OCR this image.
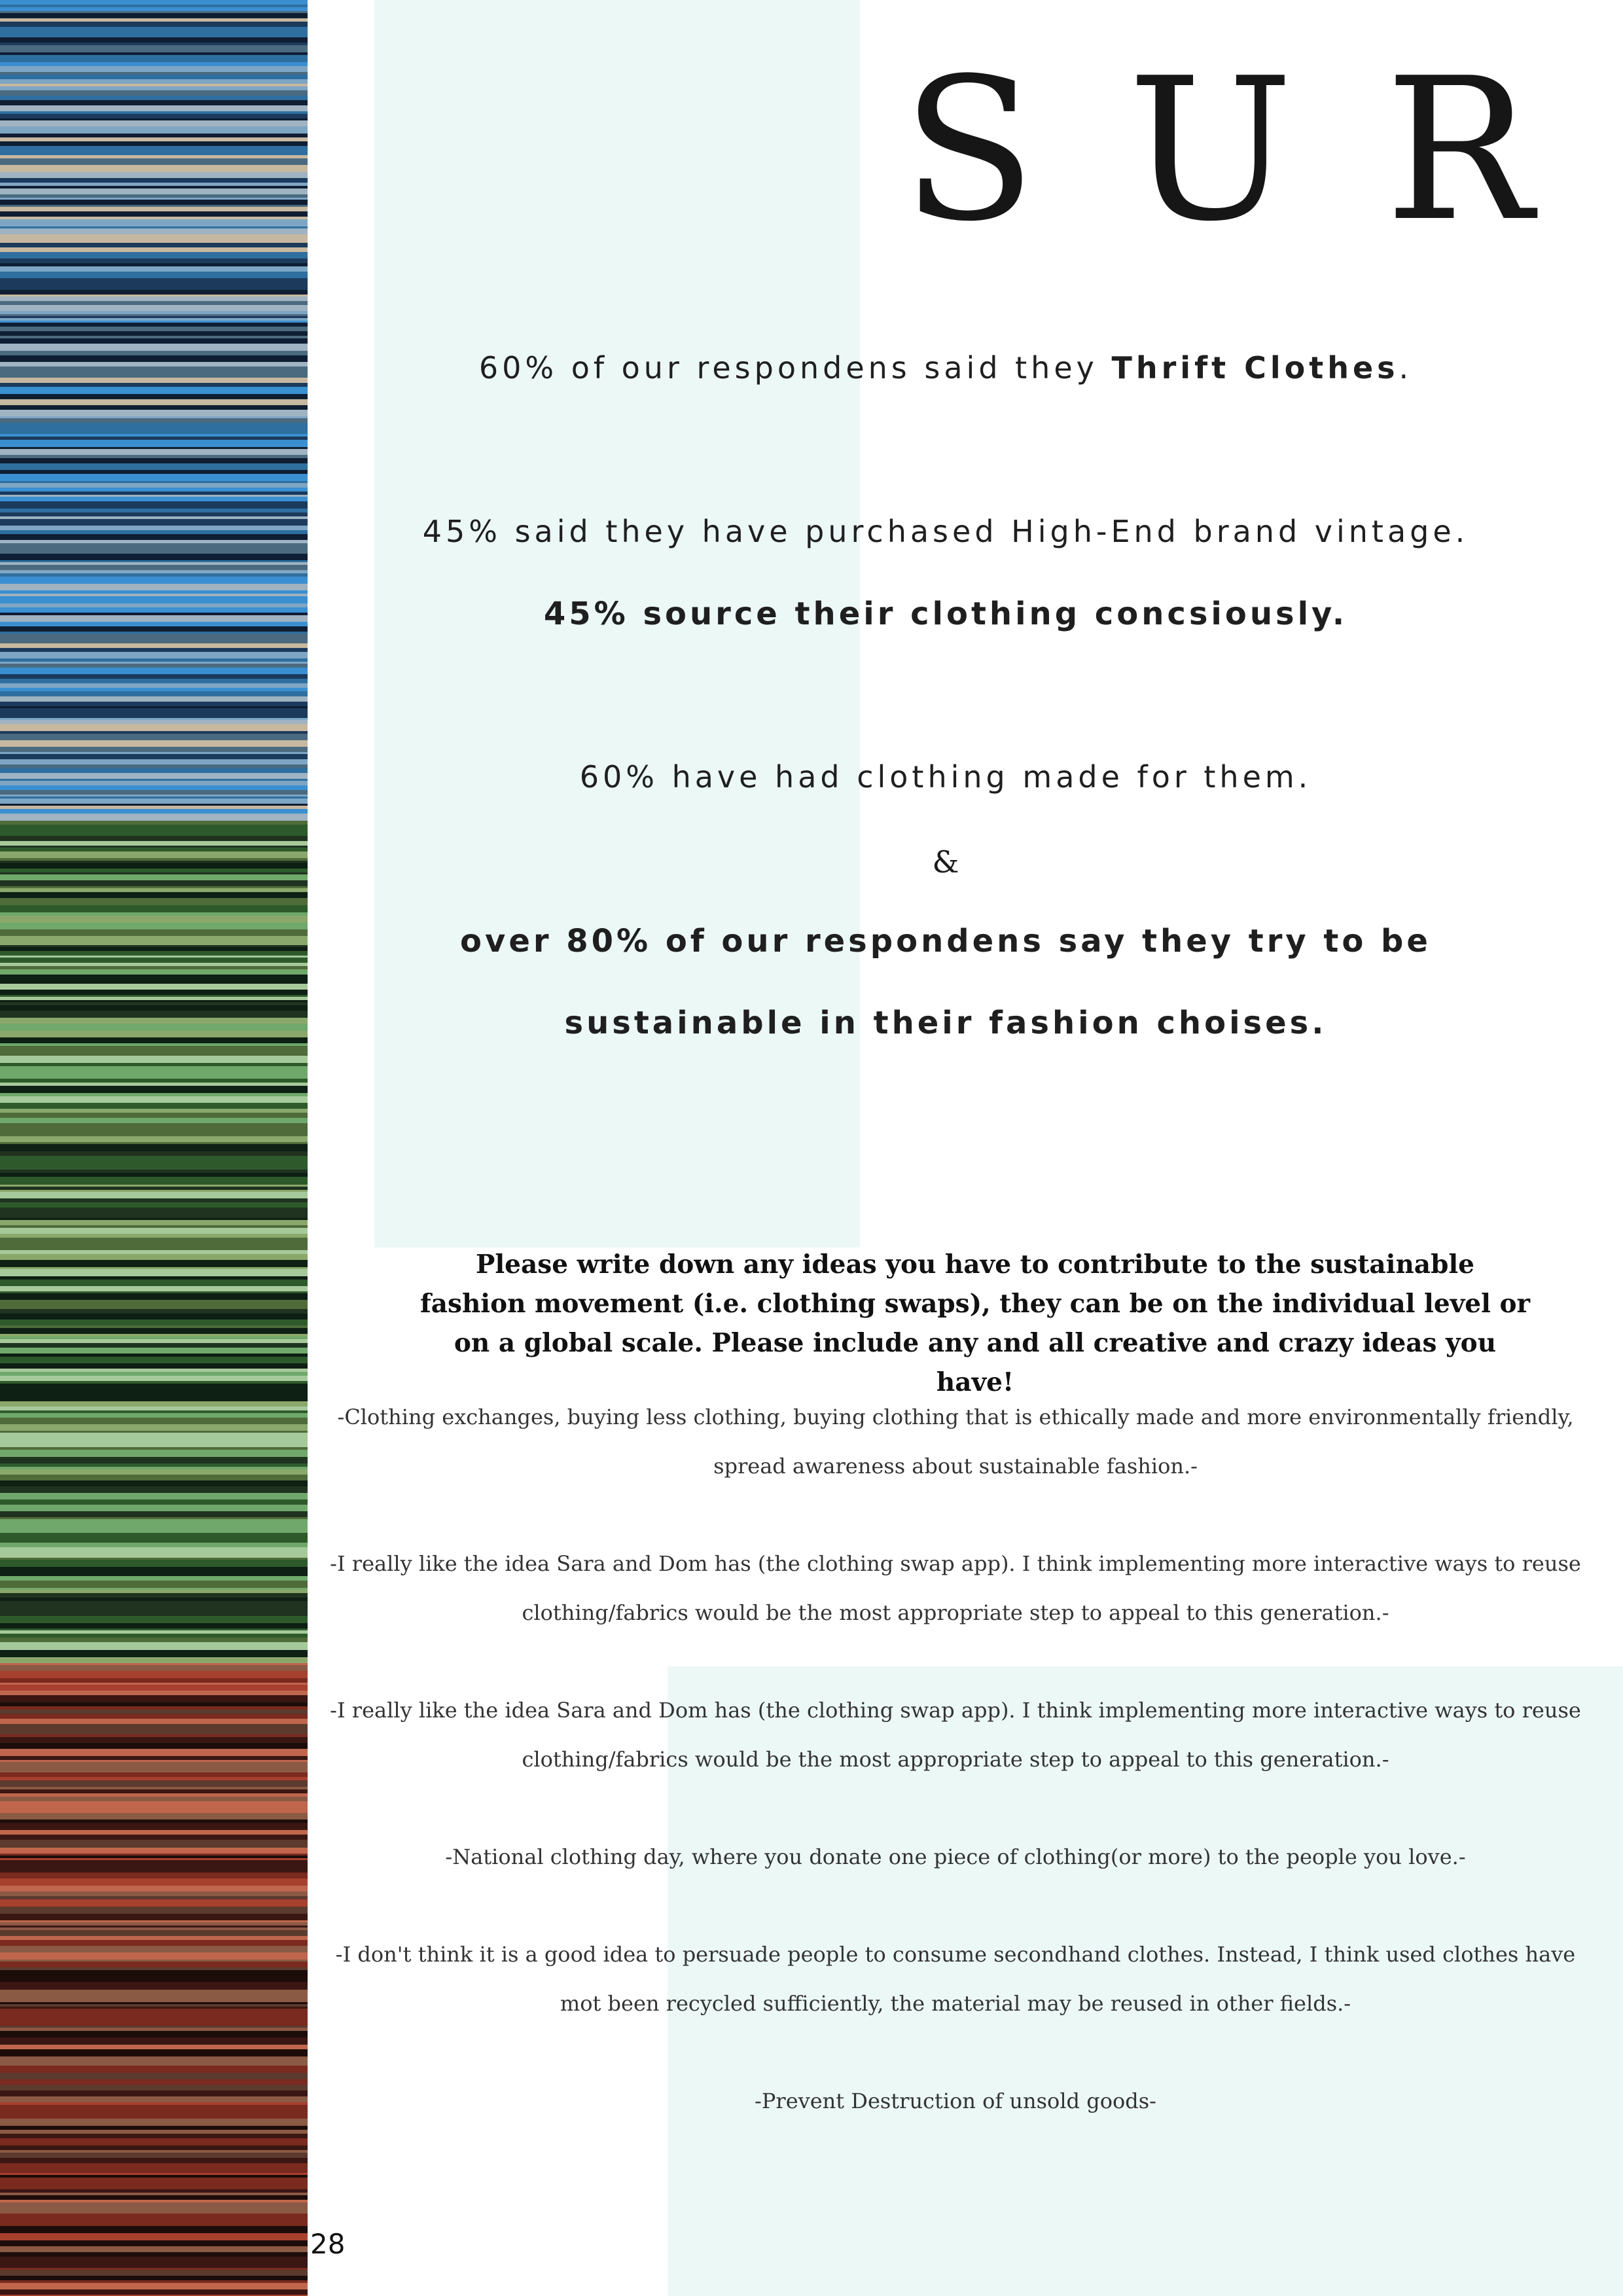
S U R
60% of our respondens said they Thrift Clothes.
45% said they have purchased High-End brand vintage.
45% source their clothing concsiously.
60% have had clothing made for them.
&
over 80% of our respondens say they try to be
sustainable in their fashion choises.
Please write down any ideas you have to contribute to the sustainable fashion movement (i.e. clothing swaps), they can be on the individual level or on a global scale. Please include any and all creative and crazy ideas you have!

-Clothing exchanges, buying less clothing, buying clothing that is ethically made and more environmentally friendly, spread awareness about sustainable fashion.-

-I really like the idea Sara and Dom has (the clothing swap app). I think implementing more interactive ways to reuse clothing/fabrics would be the most appropriate step to appeal to this generation.-

-I really like the idea Sara and Dom has (the clothing swap app). I think implementing more interactive ways to reuse clothing/fabrics would be the most appropriate step to appeal to this generation.-

-National clothing day, where you donate one piece of clothing(or more) to the people you love.-

-I don't think it is a good idea to persuade people to consume secondhand clothes. Instead, I think used clothes have mot been recycled sufficiently, the material may be reused in other fields.-

-Prevent Destruction of unsold goods-

28
